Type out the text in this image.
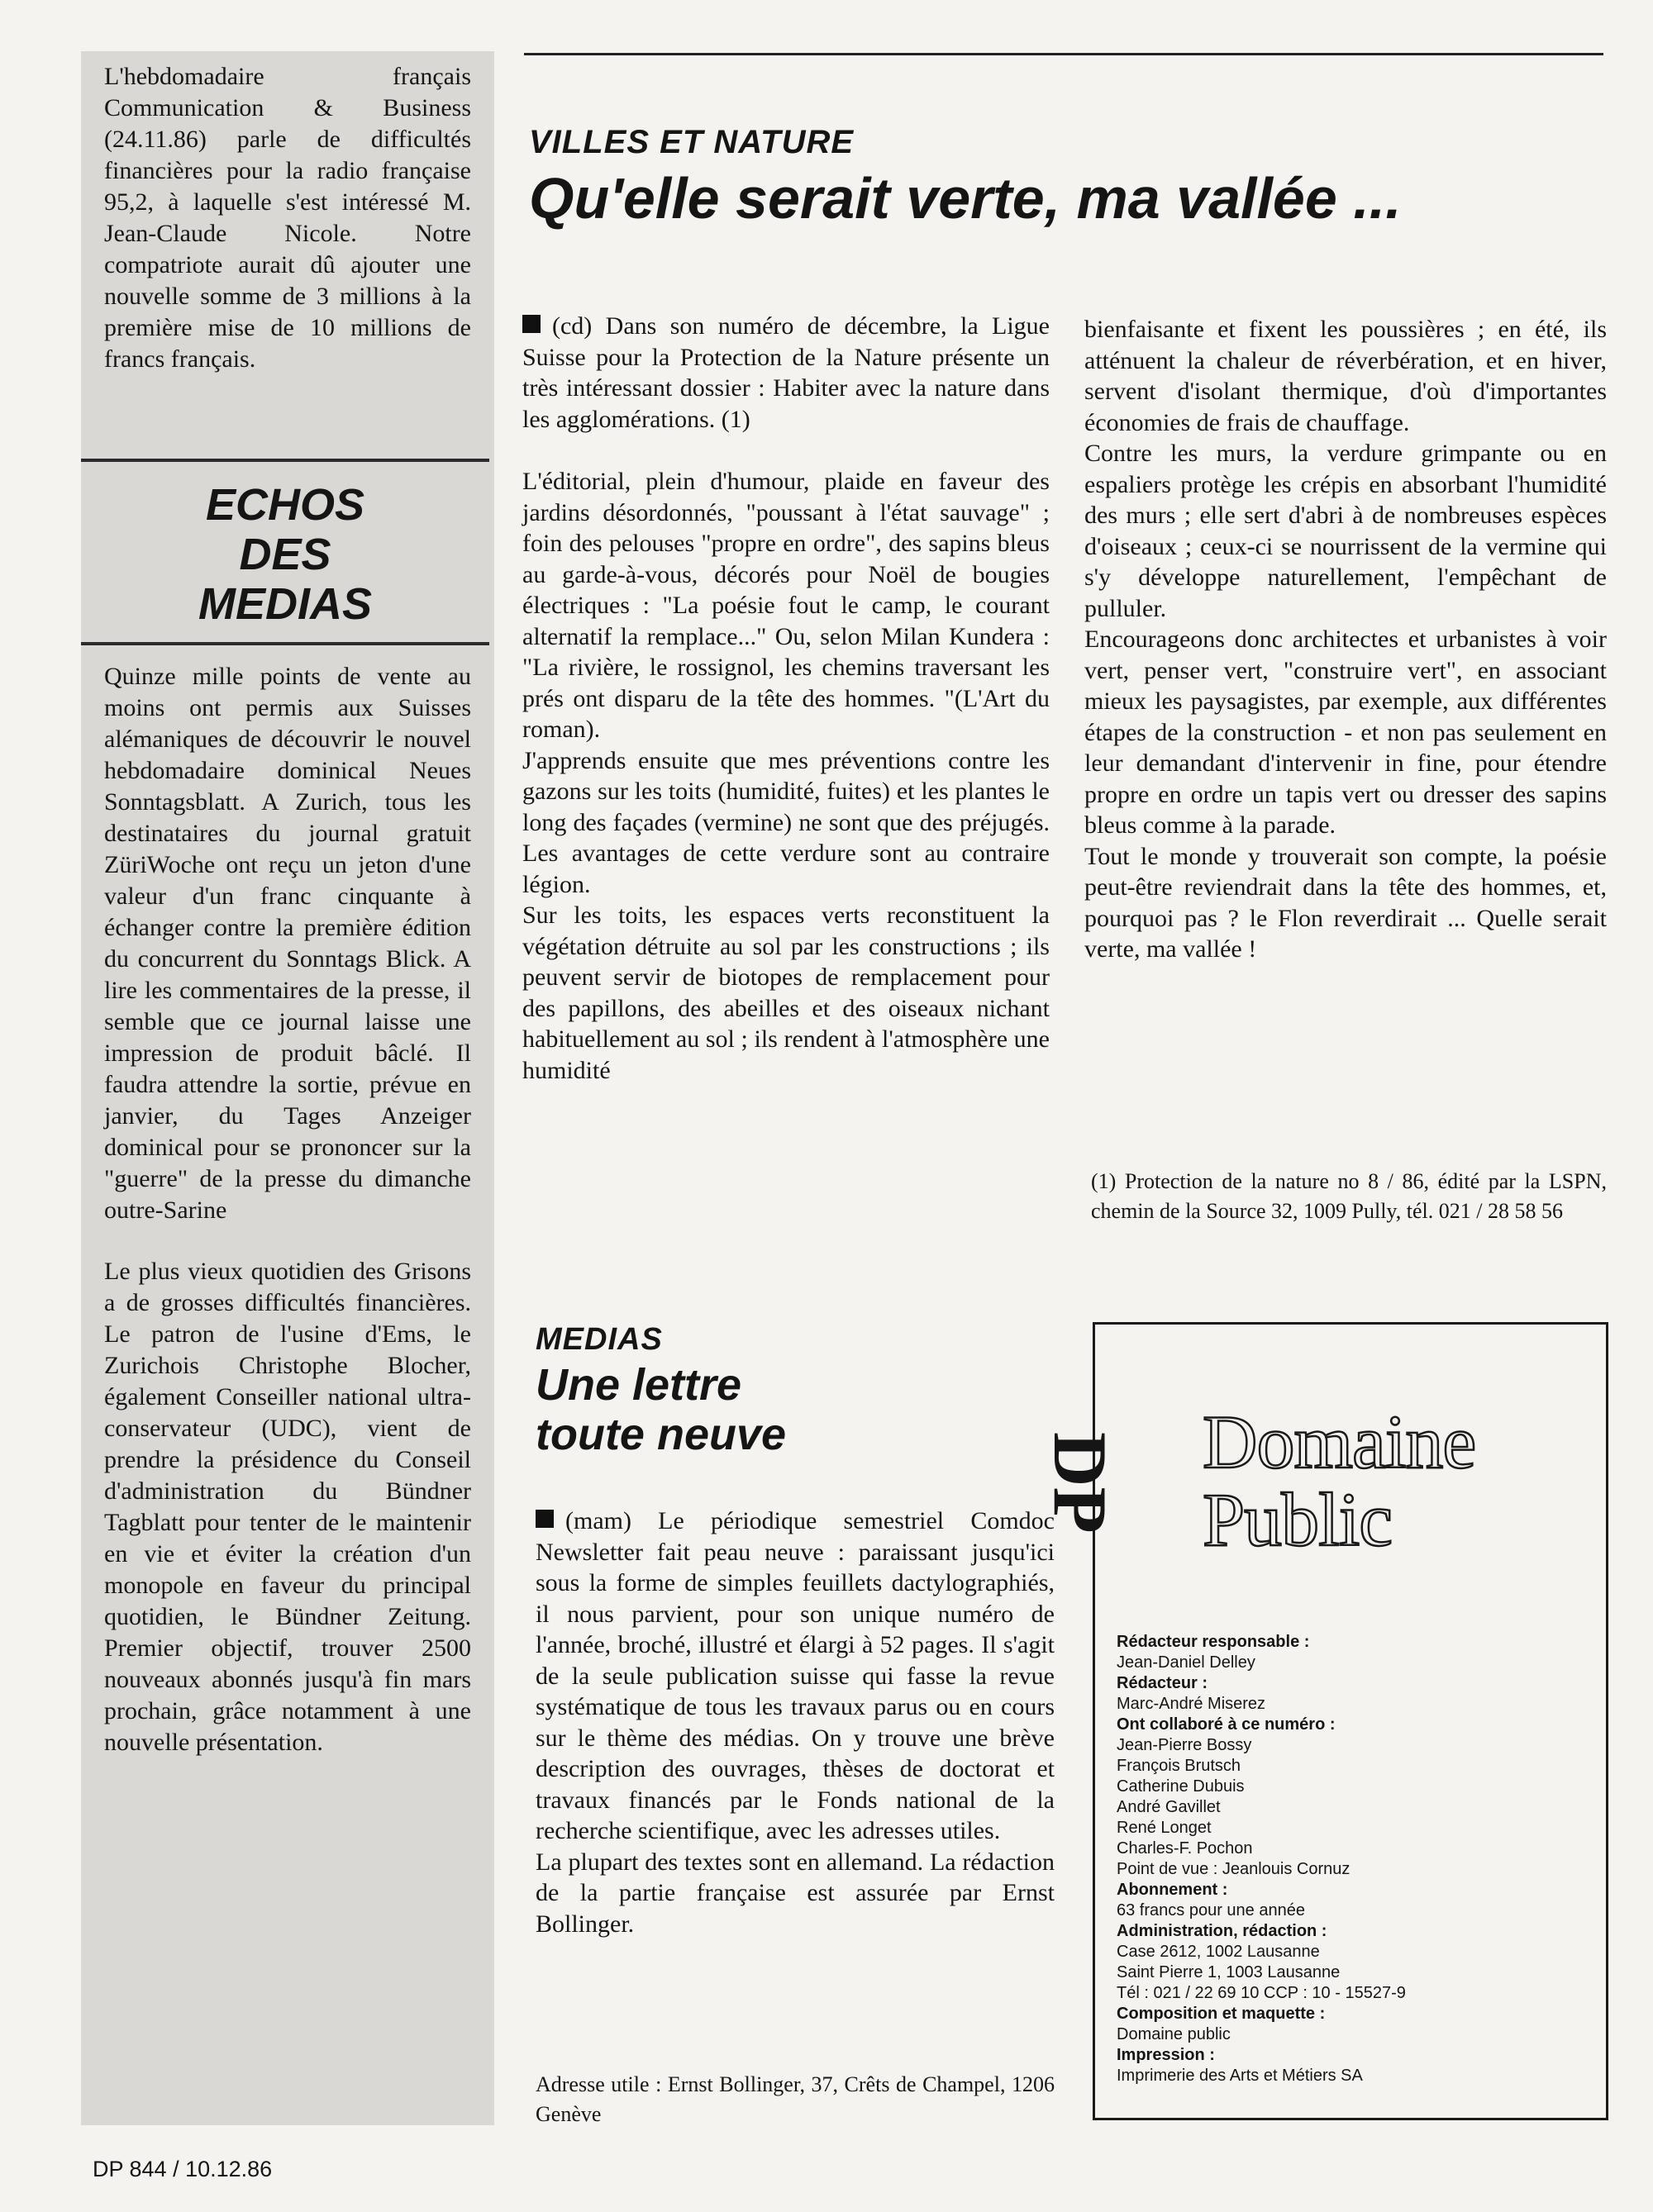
L'hebdomadaire français Communication & Business (24.11.86) parle de difficultés financières pour la radio française 95,2, à laquelle s'est intéressé M. Jean-Claude Nicole. Notre compatriote aurait dû ajouter une nouvelle somme de 3 millions à la première mise de 10 millions de francs français.

ECHOS
DES
MEDIAS

Quinze mille points de vente au moins ont permis aux Suisses alémaniques de découvrir le nouvel hebdomadaire dominical Neues Sonntagsblatt. A Zurich, tous les destinataires du journal gratuit ZüriWoche ont reçu un jeton d'une valeur d'un franc cinquante à échanger contre la première édition du concurrent du Sonntags Blick. A lire les commentaires de la presse, il semble que ce journal laisse une impression de produit bâclé. Il faudra attendre la sortie, prévue en janvier, du Tages Anzeiger dominical pour se prononcer sur la "guerre" de la presse du dimanche outre-Sarine

Le plus vieux quotidien des Grisons a de grosses difficultés financières. Le patron de l'usine d'Ems, le Zurichois Christophe Blocher, également Conseiller national ultra-conservateur (UDC), vient de prendre la présidence du Conseil d'administration du Bündner Tagblatt pour tenter de le maintenir en vie et éviter la création d'un monopole en faveur du principal quotidien, le Bündner Zeitung. Premier objectif, trouver 2500 nouveaux abonnés jusqu'à fin mars prochain, grâce notamment à une nouvelle présentation.

VILLES ET NATURE
Qu'elle serait verte, ma vallée ...

(cd) Dans son numéro de décembre, la Ligue Suisse pour la Protection de la Nature présente un très intéressant dossier : Habiter avec la nature dans les agglomérations. (1)

L'éditorial, plein d'humour, plaide en faveur des jardins désordonnés, "poussant à l'état sauvage" ; foin des pelouses "propre en ordre", des sapins bleus au garde-à-vous, décorés pour Noël de bougies électriques : "La poésie fout le camp, le courant alternatif la remplace..." Ou, selon Milan Kundera : "La rivière, le rossignol, les chemins traversant les prés ont disparu de la tête des hommes. "(L'Art du roman).

J'apprends ensuite que mes préventions contre les gazons sur les toits (humidité, fuites) et les plantes le long des façades (vermine) ne sont que des préjugés. Les avantages de cette verdure sont au contraire légion.

Sur les toits, les espaces verts reconstituent la végétation détruite au sol par les constructions ; ils peuvent servir de biotopes de remplacement pour des papillons, des abeilles et des oiseaux nichant habituellement au sol ; ils rendent à l'atmosphère une humidité

bienfaisante et fixent les poussières ; en été, ils atténuent la chaleur de réverbération, et en hiver, servent d'isolant thermique, d'où d'importantes économies de frais de chauffage.

Contre les murs, la verdure grimpante ou en espaliers protège les crépis en absorbant l'humidité des murs ; elle sert d'abri à de nombreuses espèces d'oiseaux ; ceux-ci se nourrissent de la vermine qui s'y développe naturellement, l'empêchant de pulluler.

Encourageons donc architectes et urbanistes à voir vert, penser vert, "construire vert", en associant mieux les paysagistes, par exemple, aux différentes étapes de la construction - et non pas seulement en leur demandant d'intervenir in fine, pour étendre propre en ordre un tapis vert ou dresser des sapins bleus comme à la parade.

Tout le monde y trouverait son compte, la poésie peut-être reviendrait dans la tête des hommes, et, pourquoi pas ? le Flon reverdirait ... Quelle serait verte, ma vallée !

(1) Protection de la nature no 8 / 86, édité par la LSPN, chemin de la Source 32, 1009 Pully, tél. 021 / 28 58 56
MEDIAS
Une lettre
toute neuve

(mam) Le périodique semestriel Comdoc Newsletter fait peau neuve : paraissant jusqu'ici sous la forme de simples feuillets dactylographiés, il nous parvient, pour son unique numéro de l'année, broché, illustré et élargi à 52 pages. Il s'agit de la seule publication suisse qui fasse la revue systématique de tous les travaux parus ou en cours sur le thème des médias. On y trouve une brève description des ouvrages, thèses de doctorat et travaux financés par le Fonds national de la recherche scientifique, avec les adresses utiles.

La plupart des textes sont en allemand. La rédaction de la partie française est assurée par Ernst Bollinger.

Adresse utile : Ernst Bollinger, 37, Crêts de Champel, 1206 Genève
DP Domaine
Public
Rédacteur responsable :
Jean-Daniel Delley
Rédacteur :
Marc-André Miserez
Ont collaboré à ce numéro :
Jean-Pierre Bossy
François Brutsch
Catherine Dubuis
André Gavillet
René Longet
Charles-F. Pochon
Point de vue : Jeanlouis Cornuz
Abonnement :
63 francs pour une année
Administration, rédaction :
Case 2612, 1002 Lausanne
Saint Pierre 1, 1003 Lausanne
Tél : 021 / 22 69 10 CCP : 10 - 15527-9
Composition et maquette :
Domaine public
Impression :
Imprimerie des Arts et Métiers SA
DP 844 / 10.12.86
